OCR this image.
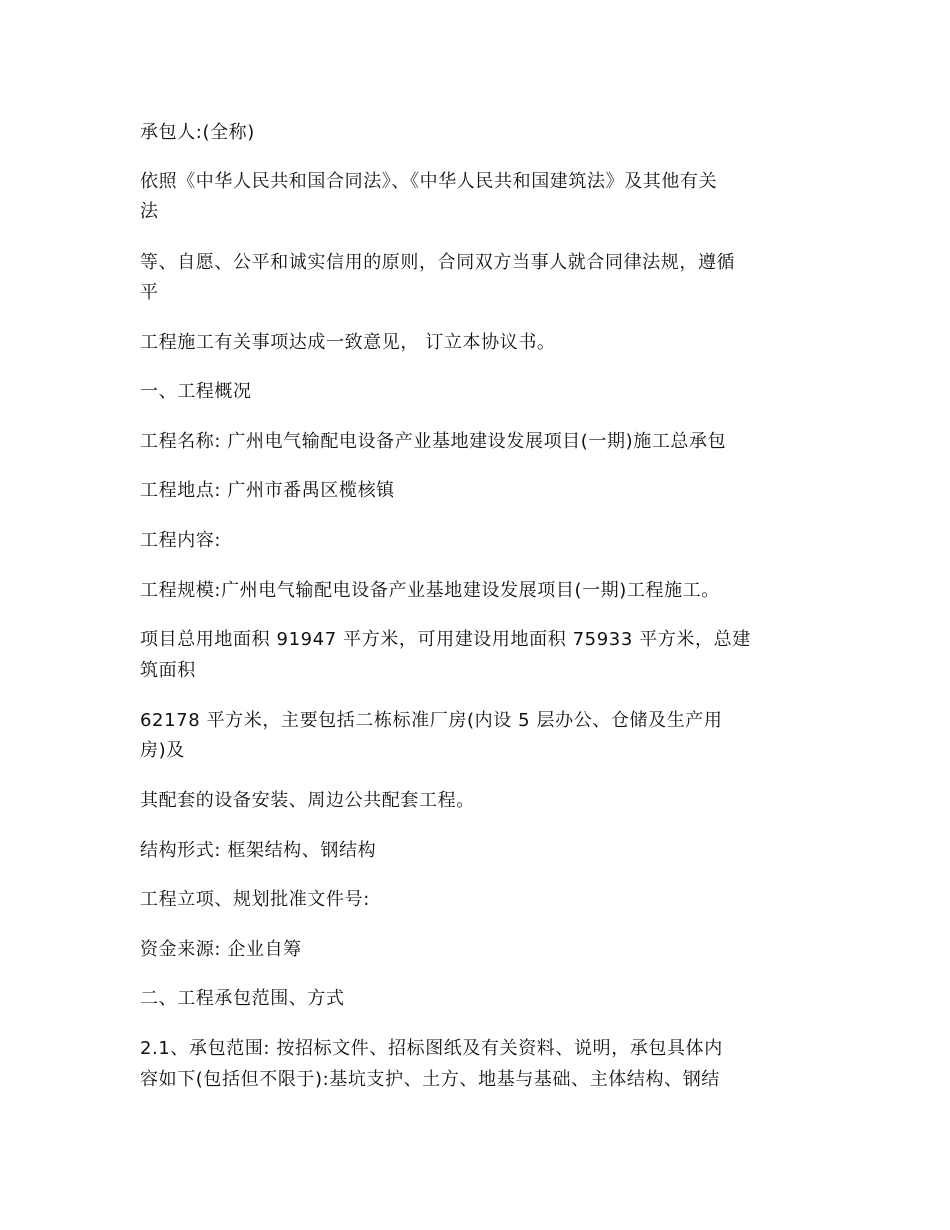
承包人:(全称)

依照《中华人民共和国合同法》、《中华人民共和国建筑法》及其他有关

法

等、自愿、公平和诚实信用的原则，合同双方当事人就合同律法规，遵循

平

工程施工有关事项达成一致意见， 订立本协议书。

一、工程概况

工程名称: 广州电气输配电设备产业基地建设发展项目(一期)施工总承包

工程地点: 广州市番禺区榄核镇

工程内容:

工程规模:广州电气输配电设备产业基地建设发展项目(一期)工程施工。

项目总用地面积 91947 平方米，可用建设用地面积 75933 平方米，总建

筑面积

62178 平方米，主要包括二栋标准厂房(内设 5 层办公、仓储及生产用

房)及

其配套的设备安装、周边公共配套工程。

结构形式: 框架结构、钢结构

工程立项、规划批准文件号:

资金来源: 企业自筹

二、工程承包范围、方式

2.1、承包范围: 按招标文件、招标图纸及有关资料、说明，承包具体内

容如下(包括但不限于):基坑支护、土方、地基与基础、主体结构、钢结
